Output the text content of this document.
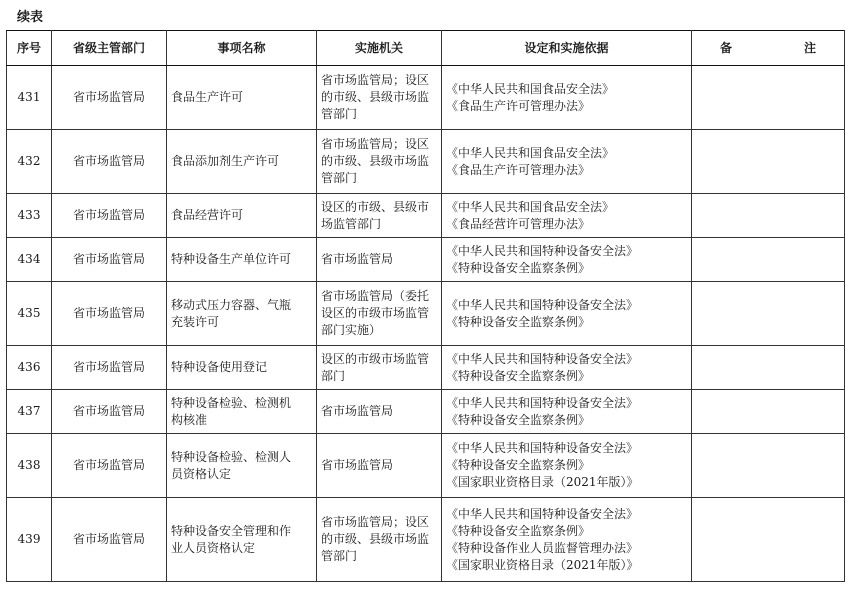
续表
序号	省级主管部门	事项名称	实施机关	设定和实施依据	备　注
431	省市场监管局	食品生产许可	省市场监管局；设区
的市级、县级市场监
管部门	《中华人民共和国食品安全法》
《食品生产许可管理办法》	

432	省市场监管局	食品添加剂生产许可	省市场监管局；设区
的市级、县级市场监
管部门	《中华人民共和国食品安全法》
《食品生产许可管理办法》	

433	省市场监管局	食品经营许可	设区的市级、县级市
场监管部门	《中华人民共和国食品安全法》
《食品经营许可管理办法》	

434	省市场监管局	特种设备生产单位许可	省市场监管局	《中华人民共和国特种设备安全法》
《特种设备安全监察条例》	

435	省市场监管局	移动式压力容器、气瓶
充装许可	省市场监管局（委托
设区的市级市场监管
部门实施）	《中华人民共和国特种设备安全法》
《特种设备安全监察条例》	

436	省市场监管局	特种设备使用登记	设区的市级市场监管
部门	《中华人民共和国特种设备安全法》
《特种设备安全监察条例》	

437	省市场监管局	特种设备检验、检测机
构核准	省市场监管局	《中华人民共和国特种设备安全法》
《特种设备安全监察条例》	

438	省市场监管局	特种设备检验、检测人
员资格认定	省市场监管局	《中华人民共和国特种设备安全法》
《特种设备安全监察条例》
《国家职业资格目录（2021年版）》	

439	省市场监管局	特种设备安全管理和作
业人员资格认定	省市场监管局；设区
的市级、县级市场监
管部门	《中华人民共和国特种设备安全法》
《特种设备安全监察条例》
《特种设备作业人员监督管理办法》
《国家职业资格目录（2021年版）》	
